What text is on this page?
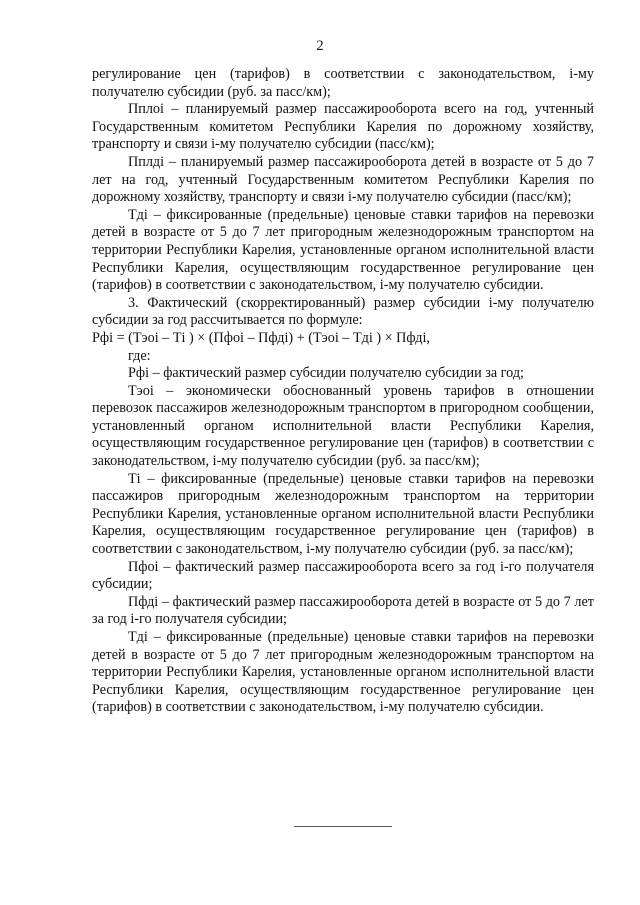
2

регулирование цен (тарифов) в соответствии с законодательством, i-му получателю субсидии (руб. за пасс/км);

Пплоi – планируемый размер пассажирооборота всего на год, учтенный Государственным комитетом Республики Карелия по дорожному хозяйству, транспорту и связи i-му получателю субсидии (пасс/км);

Пплдi – планируемый размер пассажирооборота детей в возрасте от 5 до 7 лет на год, учтенный Государственным комитетом Республики Карелия по дорожному хозяйству, транспорту и связи i-му получателю субсидии (пасс/км);

Тдi – фиксированные (предельные) ценовые ставки тарифов на перевозки детей в возрасте от 5 до 7 лет пригородным железнодорожным транспортом на территории Республики Карелия, установленные органом исполнительной власти Республики Карелия, осуществляющим государственное регулирование цен (тарифов) в соответствии с законодательством, i-му получателю субсидии.

3. Фактический (скорректированный) размер субсидии i-му получателю субсидии за год рассчитывается по формуле:

Рфi = (Тэоi – Тi ) × (Пфоi – Пфдi) + (Тэоi – Тдi ) × Пфдi,

где:

Рфi – фактический размер субсидии получателю субсидии за год;

Тэоi – экономически обоснованный уровень тарифов в отношении перевозок пассажиров железнодорожным транспортом в пригородном сообщении, установленный органом исполнительной власти Республики Карелия, осуществляющим государственное регулирование цен (тарифов) в соответствии с законодательством, i-му получателю субсидии (руб. за пасс/км);

Тi – фиксированные (предельные) ценовые ставки тарифов на перевозки пассажиров пригородным железнодорожным транспортом на территории Республики Карелия, установленные органом исполнительной власти Республики Карелия, осуществляющим государственное регулирование цен (тарифов) в соответствии с законодательством, i-му получателю субсидии (руб. за пасс/км);

Пфоi – фактический размер пассажирооборота всего за год i-го получателя субсидии;

Пфдi – фактический размер пассажирооборота детей в возрасте от 5 до 7 лет за год i-го получателя субсидии;

Тдi – фиксированные (предельные) ценовые ставки тарифов на перевозки детей в возрасте от 5 до 7 лет пригородным железнодорожным транспортом на территории Республики Карелия, установленные органом исполнительной власти Республики Карелия, осуществляющим государственное регулирование цен (тарифов) в соответствии с законодательством, i-му получателю субсидии.
